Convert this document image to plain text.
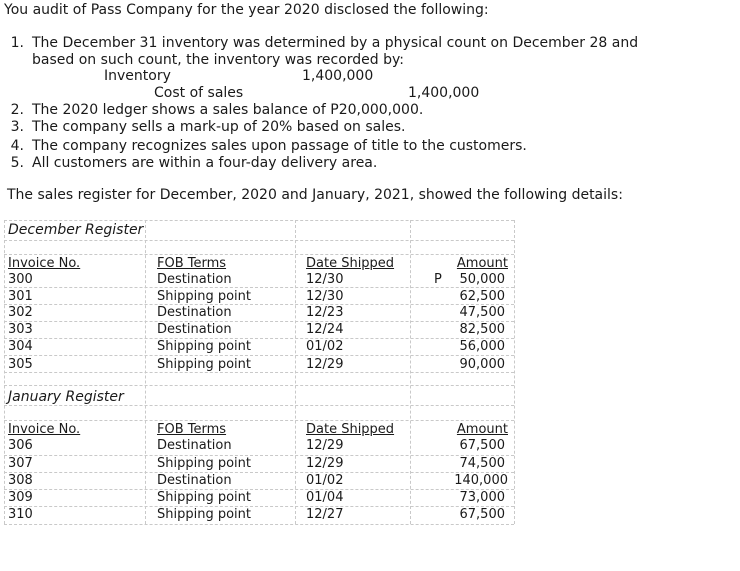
You audit of Pass Company for the year 2020 disclosed the following:
1. The December 31 inventory was determined by a physical count on December 28 and
based on such count, the inventory was recorded by:
Inventory	1,400,000
Cost of sales	1,400,000
2. The 2020 ledger shows a sales balance of P20,000,000.
3. The company sells a mark-up of 20% based on sales.
4. The company recognizes sales upon passage of title to the customers.
5. All customers are within a four-day delivery area.
The sales register for December, 2020 and January, 2021, showed the following details:
December Register
Invoice No.	FOB Terms	Date Shipped	Amount
P
300	Destination	12/30	50,000
301	Shipping point	12/30	62,500
302	Destination	12/23	47,500
303	Destination	12/24	82,500
304	Shipping point	01/02	56,000
305	Shipping point	12/29	90,000
January Register
Invoice No.	FOB Terms	Date Shipped	Amount
306	Destination	12/29	67,500
307	Shipping point	12/29	74,500
308	Destination	01/02	140,000
309	Shipping point	01/04	73,000
310	Shipping point	12/27	67,500
